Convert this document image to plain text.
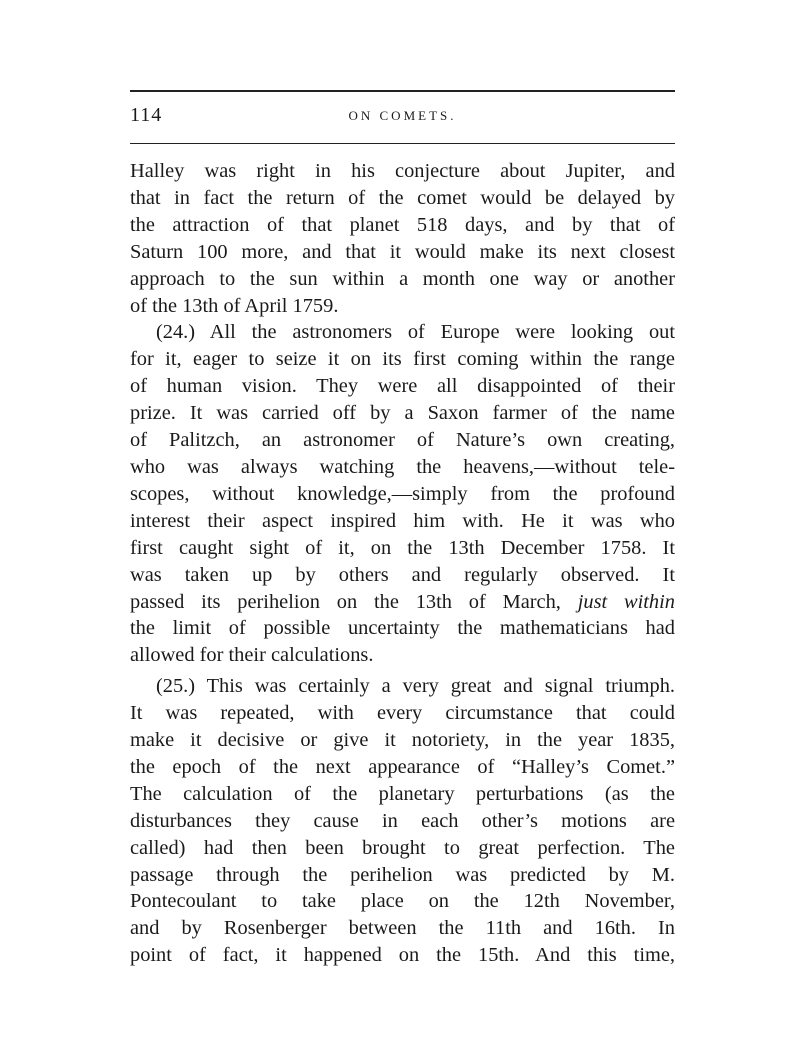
114	ON COMETS.
Halley was right in his conjecture about Jupiter, and
that in fact the return of the comet would be delayed by
the attraction of that planet 518 days, and by that of
Saturn 100 more, and that it would make its next closest
approach to the sun within a month one way or another
of the 13th of April 1759.
(24.) All the astronomers of Europe were looking out
for it, eager to seize it on its first coming within the range
of human vision. They were all disappointed of their
prize. It was carried off by a Saxon farmer of the name
of Palitzch, an astronomer of Nature’s own creating,
who was always watching the heavens,—without tele-
scopes, without knowledge,—simply from the profound
interest their aspect inspired him with. He it was who
first caught sight of it, on the 13th December 1758. It
was taken up by others and regularly observed. It
passed its perihelion on the 13th of March, just within
the limit of possible uncertainty the mathematicians had
allowed for their calculations.
(25.) This was certainly a very great and signal triumph.
It was repeated, with every circumstance that could
make it decisive or give it notoriety, in the year 1835,
the epoch of the next appearance of “Halley’s Comet.”
The calculation of the planetary perturbations (as the
disturbances they cause in each other’s motions are
called) had then been brought to great perfection. The
passage through the perihelion was predicted by M.
Pontecoulant to take place on the 12th November,
and by Rosenberger between the 11th and 16th. In
point of fact, it happened on the 15th. And this time,
